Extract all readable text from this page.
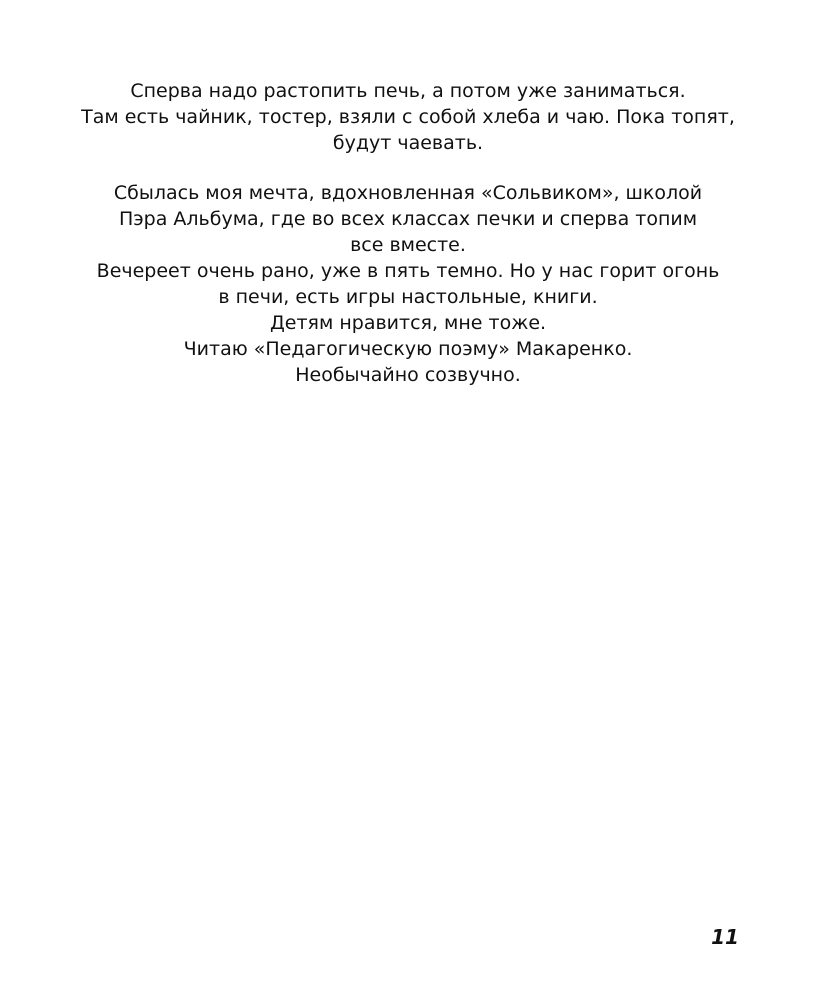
Сперва надо растопить печь, а потом уже заниматься.
Там есть чайник, тостер, взяли с собой хлеба и чаю. Пока топят,
будут чаевать.
Сбылась моя мечта, вдохновленная «Сольвиком», школой
Пэра Альбума, где во всех классах печки и сперва топим
все вместе.
Вечереет очень рано, уже в пять темно. Но у нас горит огонь
в печи, есть игры настольные, книги.
Детям нравится, мне тоже.
Читаю «Педагогическую поэму» Макаренко.
Необычайно созвучно.
11
